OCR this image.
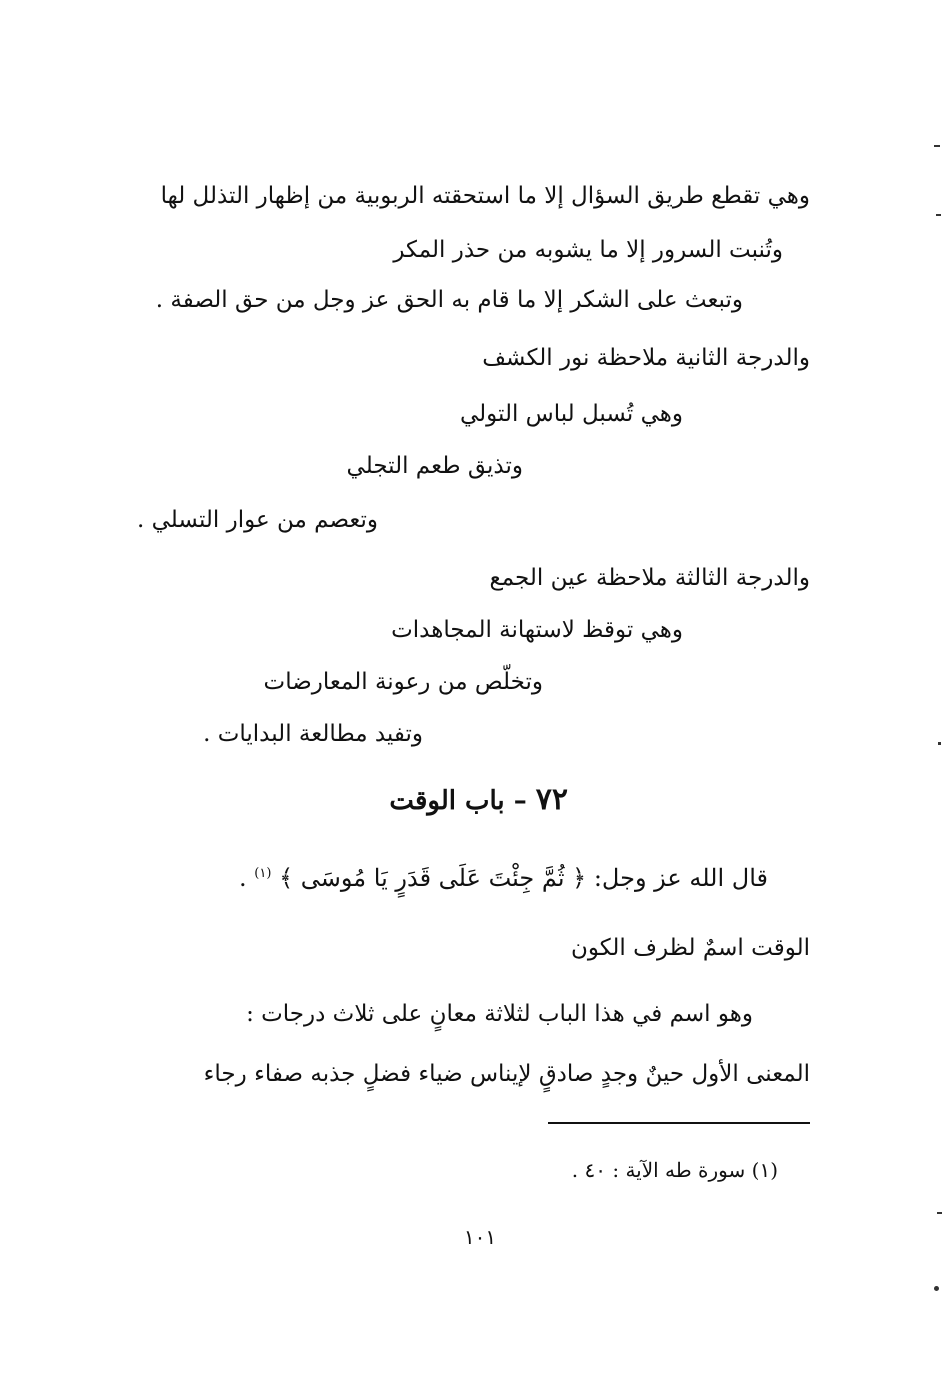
وهي تقطع طريق السؤال إلا ما استحقته الربوبية من إظهار التذلل لها
وتُنبت السرور إلا ما يشوبه من حذر المكر
وتبعث على الشكر إلا ما قام به الحق عز وجل من حق الصفة .
والدرجة الثانية ملاحظة نور الكشف
وهي تُسبل لباس التولي
وتذيق طعم التجلي
وتعصم من عوار التسلي .
والدرجة الثالثة ملاحظة عين الجمع
وهي توقظ لاستهانة المجاهدات
وتخلّص من رعونة المعارضات
وتفيد مطالعة البدايات .
٧٢ – باب الوقت
قال الله عز وجل: ﴿ ثُمَّ جِئْتَ عَلَى قَدَرٍ يَا مُوسَى ﴾ $^{(١)}$ .
الوقت اسمٌ لظرف الكون
وهو اسم في هذا الباب لثلاثة معانٍ على ثلاث درجات :
المعنى الأول حينٌ وجدٍ صادقٍ لإيناس ضياء فضلٍ جذبه صفاء رجاء
(١) سورة طه الآية : ٤٠ .
١٠١
